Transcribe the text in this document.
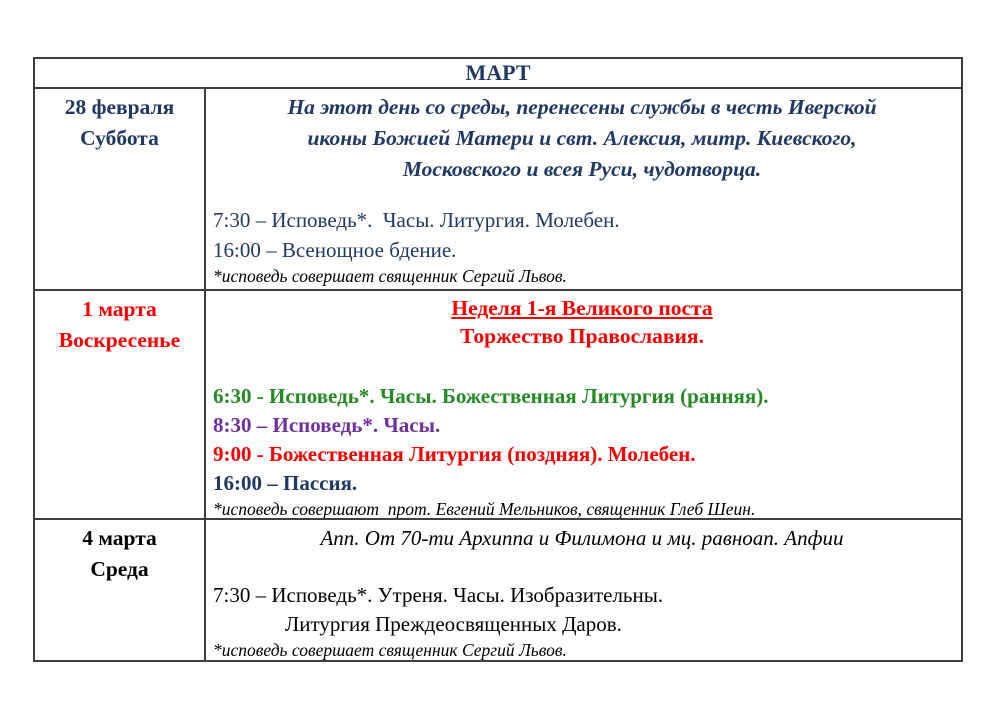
МАРТ
28 февраля
Суббота
На этот день со среды, перенесены службы в честь Иверской
иконы Божией Матери и свт. Алексия, митр. Киевского,
Московского и всея Руси, чудотворца.
7:30 – Исповедь*.  Часы. Литургия. Молебен.
16:00 – Всенощное бдение.
*исповедь совершает священник Сергий Львов.
1 марта
Воскресенье
Неделя 1-я Великого поста
Торжество Православия.
6:30 - Исповедь*. Часы. Божественная Литургия (ранняя).
8:30 – Исповедь*. Часы.
9:00 - Божественная Литургия (поздняя). Молебен.
16:00 – Пассия.
*исповедь совершают  прот. Евгений Мельников, священник Глеб Шеин.
4 марта
Среда
Апп. От 70-ти Архиппа и Филимона и мц. равноап. Апфии
7:30 – Исповедь*. Утреня. Часы. Изобразительны.
Литургия Преждеосвященных Даров.
*исповедь совершает священник Сергий Львов.
